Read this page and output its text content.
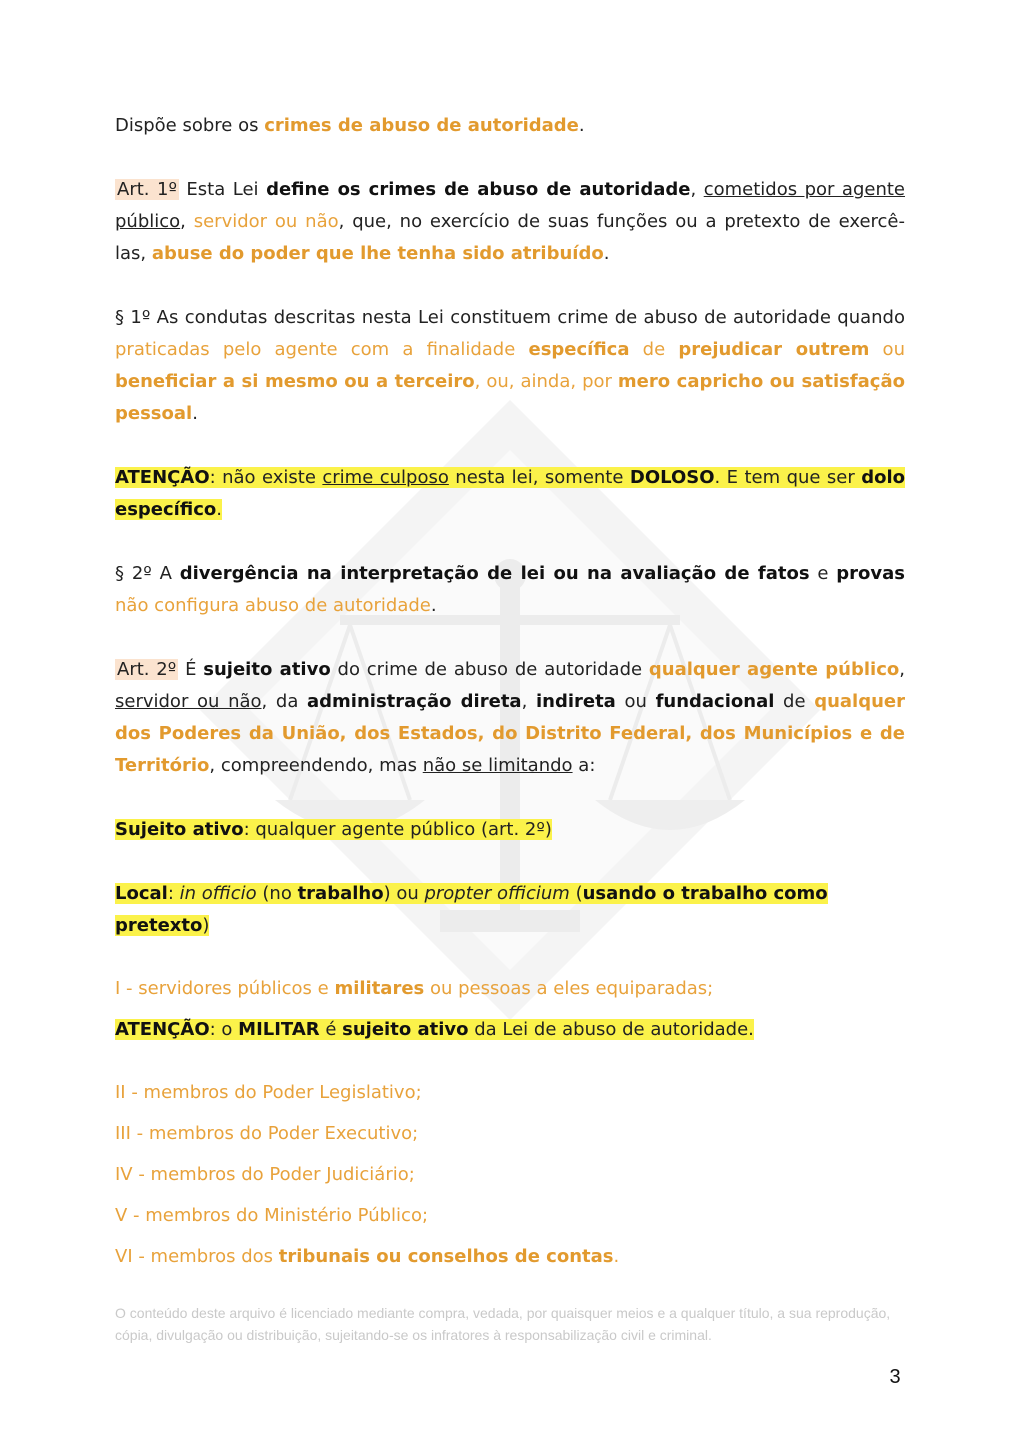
Dispõe sobre os crimes de abuso de autoridade.

Art. 1º Esta Lei define os crimes de abuso de autoridade, cometidos por agente público, servidor ou não, que, no exercício de suas funções ou a pretexto de exercê-las, abuse do poder que lhe tenha sido atribuído.

§ 1º As condutas descritas nesta Lei constituem crime de abuso de autoridade quando praticadas pelo agente com a finalidade específica de prejudicar outrem ou beneficiar a si mesmo ou a terceiro, ou, ainda, por mero capricho ou satisfação pessoal.

ATENÇÃO: não existe crime culposo nesta lei, somente DOLOSO. E tem que ser dolo específico.

§ 2º A divergência na interpretação de lei ou na avaliação de fatos e provas não configura abuso de autoridade.

Art. 2º É sujeito ativo do crime de abuso de autoridade qualquer agente público, servidor ou não, da administração direta, indireta ou fundacional de qualquer dos Poderes da União, dos Estados, do Distrito Federal, dos Municípios e de Território, compreendendo, mas não se limitando a:

Sujeito ativo: qualquer agente público (art. 2º)

Local: in officio (no trabalho) ou propter officium (usando o trabalho como pretexto)

I - servidores públicos e militares ou pessoas a eles equiparadas;

ATENÇÃO: o MILITAR é sujeito ativo da Lei de abuso de autoridade.

II - membros do Poder Legislativo;

III - membros do Poder Executivo;

IV - membros do Poder Judiciário;

V - membros do Ministério Público;

VI - membros dos tribunais ou conselhos de contas.

O conteúdo deste arquivo é licenciado mediante compra, vedada, por quaisquer meios e a qualquer título, a sua reprodução, cópia, divulgação ou distribuição, sujeitando-se os infratores à responsabilização civil e criminal.
3
